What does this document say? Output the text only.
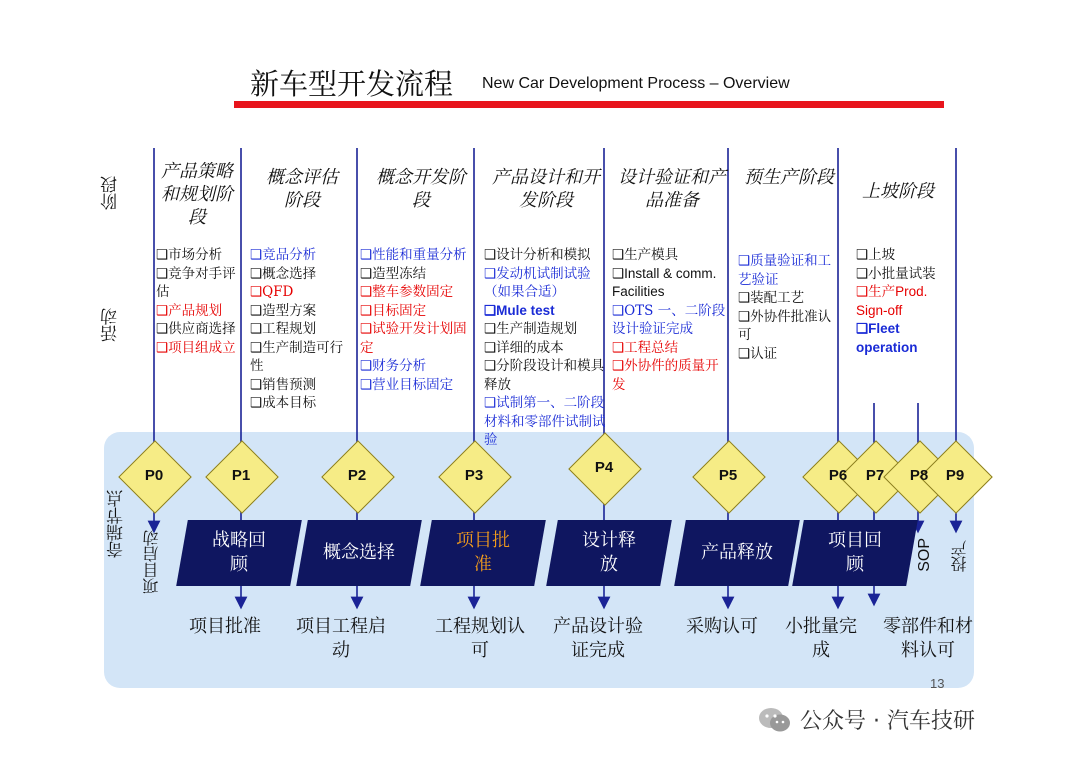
新车型开发流程 New Car Development Process – Overview
阶段
活动
奇瑞节点
产品策略和规划阶段
概念评估阶段
概念开发阶段
产品设计和开发阶段
设计验证和产品准备
预生产阶段
上坡阶段
❑市场分析
❑竞争对手评估
❑产品规划
❑供应商选择
❑项目组成立
❑竞品分析
❑概念选择
❑QFD
❑造型方案
❑工程规划
❑生产制造可行性
❑销售预测
❑成本目标
❑性能和重量分析
❑造型冻结
❑整车参数固定
❑目标固定
❑试验开发计划固定
❑财务分析
❑营业目标固定
❑设计分析和模拟
❑发动机试制试验（如果合适）
❑Mule test
❑生产制造规划
❑详细的成本
❑分阶段设计和模具释放
❑试制第一、二阶段材料和零部件试制试验
❑生产模具
❑Install & comm. Facilities
❑OTS 一、二阶段设计验证完成
❑工程总结
❑外协件的质量开发
❑质量验证和工艺验证
❑装配工艺
❑外协件批准认可
❑认证
❑上坡
❑小批量试装
❑生产Prod. Sign-off
❑Fleet operation
P0	P1	P2	P3	P4	P5	P6	P7	P8	P9
战略回顾
概念选择
项目批准
设计释放
产品释放
项目回顾
项目启动	SOP 投产
项目批准 项目工程启动
工程规划认可
产品设计验证完成
采购认可	小批量完成
零部件和材料认可
13
公众号 · 汽车技研
